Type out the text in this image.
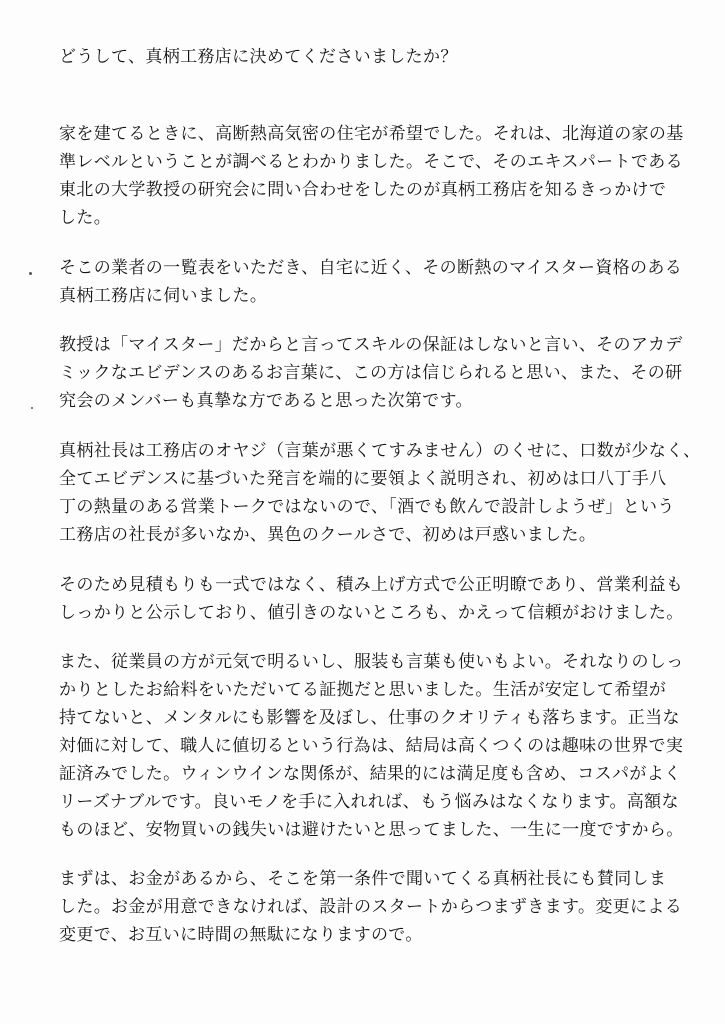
どうして、真柄工務店に決めてくださいましたか？
家を建てるときに、高断熱高気密の住宅が希望でした。それは、北海道の家の基
準レベルということが調べるとわかりました。そこで、そのエキスパートである
東北の大学教授の研究会に問い合わせをしたのが真柄工務店を知るきっかけで
した。
そこの業者の一覧表をいただき、自宅に近く、その断熱のマイスター資格のある
真柄工務店に伺いました。
教授は「マイスター」だからと言ってスキルの保証はしないと言い、そのアカデ
ミックなエビデンスのあるお言葉に、この方は信じられると思い、また、その研
究会のメンバーも真摯な方であると思った次第です。
真柄社長は工務店のオヤジ（言葉が悪くてすみません）のくせに、口数が少なく、
全てエビデンスに基づいた発言を端的に要領よく説明され、初めは口八丁手八
丁の熱量のある営業トークではないので、「酒でも飲んで設計しようぜ」という
工務店の社長が多いなか、異色のクールさで、初めは戸惑いました。
そのため見積もりも一式ではなく、積み上げ方式で公正明瞭であり、営業利益も
しっかりと公示しており、値引きのないところも、かえって信頼がおけました。
また、従業員の方が元気で明るいし、服装も言葉も使いもよい。それなりのしっ
かりとしたお給料をいただいてる証拠だと思いました。生活が安定して希望が
持てないと、メンタルにも影響を及ぼし、仕事のクオリティも落ちます。正当な
対価に対して、職人に値切るという行為は、結局は高くつくのは趣味の世界で実
証済みでした。ウィンウインな関係が、結果的には満足度も含め、コスパがよく
リーズナブルです。良いモノを手に入れれば、もう悩みはなくなります。高額な
ものほど、安物買いの銭失いは避けたいと思ってました、一生に一度ですから。
まずは、お金があるから、そこを第一条件で聞いてくる真柄社長にも賛同しま
した。お金が用意できなければ、設計のスタートからつまずきます。変更による
変更で、お互いに時間の無駄になりますので。
